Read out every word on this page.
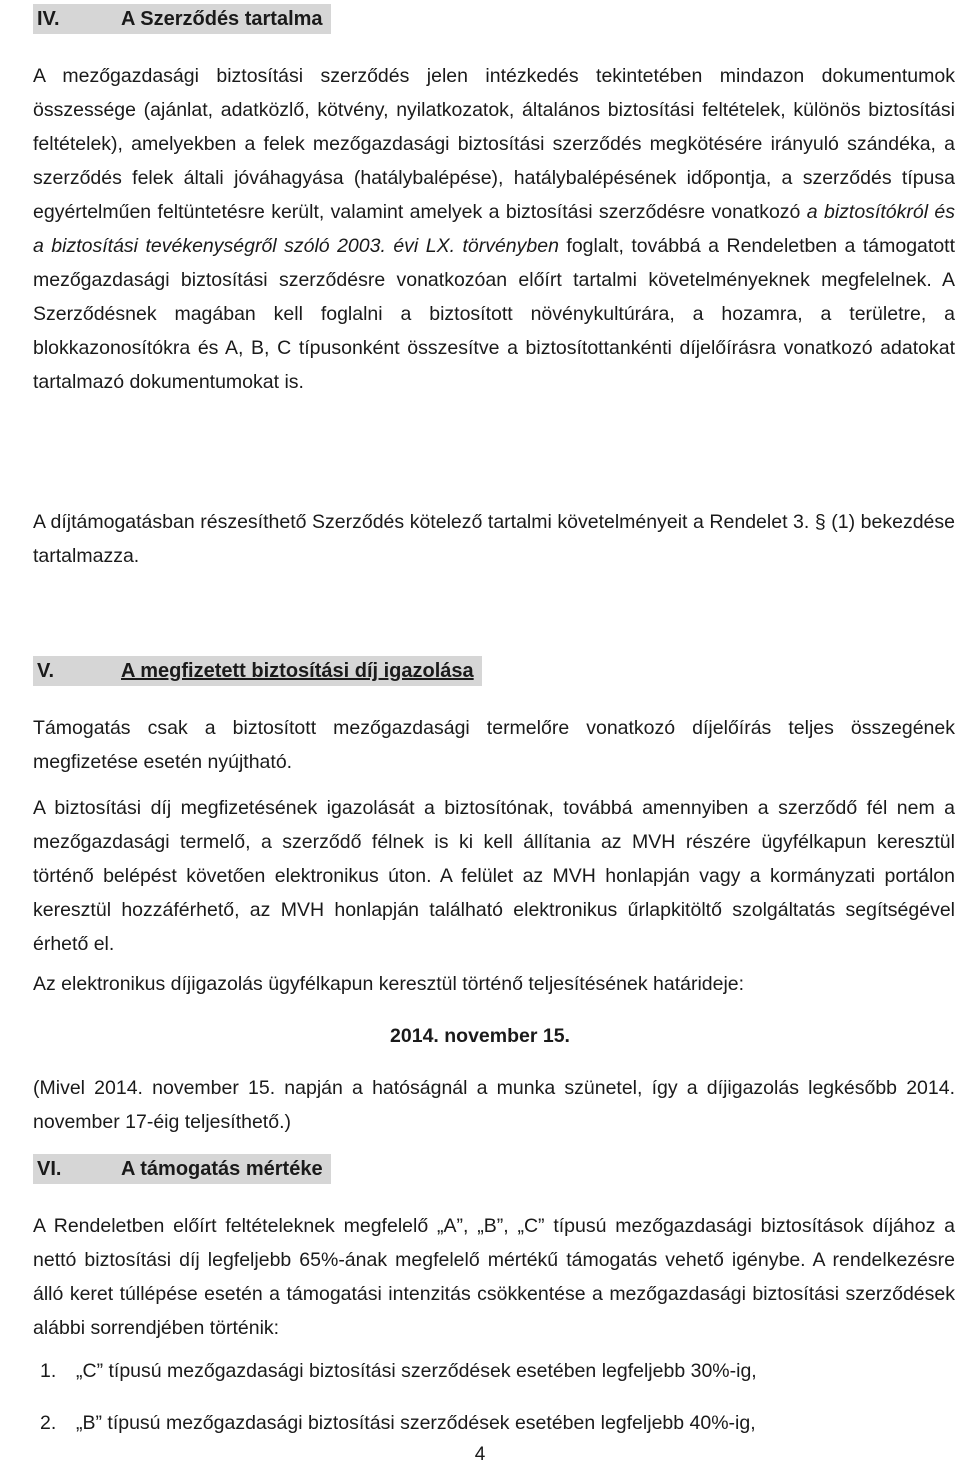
IV.	A Szerződés tartalma
A mezőgazdasági biztosítási szerződés jelen intézkedés tekintetében mindazon dokumentumok összessége (ajánlat, adatközlő, kötvény, nyilatkozatok, általános biztosítási feltételek, különös biztosítási feltételek), amelyekben a felek mezőgazdasági biztosítási szerződés megkötésére irányuló szándéka, a szerződés felek általi jóváhagyása (hatálybalépése), hatálybalépésének időpontja, a szerződés típusa egyértelműen feltüntetésre került, valamint amelyek a biztosítási szerződésre vonatkozó a biztosítókról és a biztosítási tevékenységről szóló 2003. évi LX. törvényben foglalt, továbbá a Rendeletben a támogatott mezőgazdasági biztosítási szerződésre vonatkozóan előírt tartalmi követelményeknek megfelelnek. A Szerződésnek magában kell foglalni a biztosított növénykultúrára, a hozamra, a területre, a blokkazonosítókra és A, B, C típusonként összesítve a biztosítottankénti díjelőírásra vonatkozó adatokat tartalmazó dokumentumokat is.
A díjtámogatásban részesíthető Szerződés kötelező tartalmi követelményeit a Rendelet 3. § (1) bekezdése tartalmazza.
V.	A megfizetett biztosítási díj igazolása
Támogatás csak a biztosított mezőgazdasági termelőre vonatkozó díjelőírás teljes összegének megfizetése esetén nyújtható.
A biztosítási díj megfizetésének igazolását a biztosítónak, továbbá amennyiben a szerződő fél nem a mezőgazdasági termelő, a szerződő félnek is ki kell állítania az MVH részére ügyfélkapun keresztül történő belépést követően elektronikus úton. A felület az MVH honlapján vagy a kormányzati portálon keresztül hozzáférhető, az MVH honlapján található elektronikus űrlapkitöltő szolgáltatás segítségével érhető el.
Az elektronikus díjigazolás ügyfélkapun keresztül történő teljesítésének határideje:
2014. november 15.
(Mivel 2014. november 15. napján a hatóságnál a munka szünetel, így a díjigazolás legkésőbb 2014. november 17-éig teljesíthető.)
VI.	A támogatás mértéke
A Rendeletben előírt feltételeknek megfelelő „A”, „B”, „C” típusú mezőgazdasági biztosítások díjához a nettó biztosítási díj legfeljebb 65%-ának megfelelő mértékű támogatás vehető igénybe. A rendelkezésre álló keret túllépése esetén a támogatási intenzitás csökkentése a mezőgazdasági biztosítási szerződések alábbi sorrendjében történik:
1. „C” típusú mezőgazdasági biztosítási szerződések esetében legfeljebb 30%-ig,
2. „B” típusú mezőgazdasági biztosítási szerződések esetében legfeljebb 40%-ig,
4
